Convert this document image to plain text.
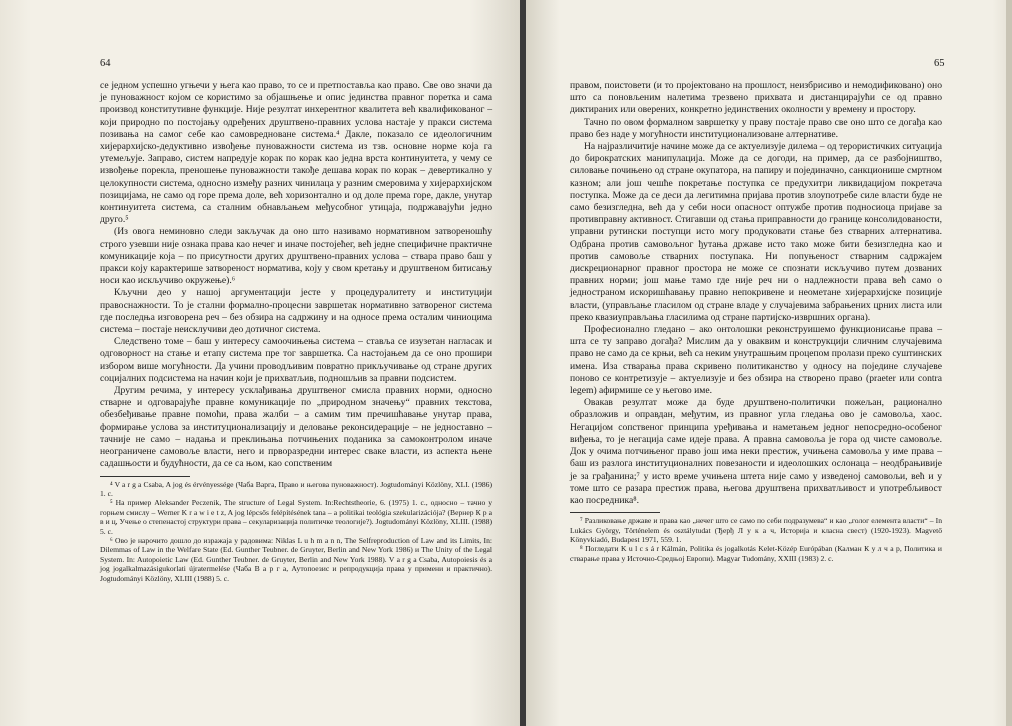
64	65

се једном успешно угњечи у њега као право, то се и претпоставља као право. Све ово значи да је пуноважност којом се користимо за објашњење и опис јединства правног поретка и сама производ конститутивне функције. Није резултат инхерентног квалитета већ квалификованог – који природно по постојању одређених друштвено-правних услова настаје у пракси система позивања на самог себе као самовредноване система.⁴ Дакле, показало се идеологичним хијерархијско-дедуктивно извођење пуноважности система из тзв. основне норме која га утемељује. Заправо, систем напредује корак по корак као једна врста континуитета, у чему се извођење порекла, преношење пуноважности такође дешава корак по корак – девертикално у целокупности система, односно између разних чинилаца у разним смеровима у хијерархијском позицијама, не само од горе према доле, већ хоризонтално и од доле према горе, дакле, унутар континуитета система, са сталним обнављањем међусобног утицаја, подржавајући једно друго.⁵

(Из овога неминовно следи закључак да оно што називамо нормативном затвореношћу строго узевши није ознака права као нечег и иначе постојећег, већ једне специфичне практичне комуникације која – по присутности других друштвено-правних услова – ствара право баш у пракси кoју карактерише затвореност норматива, кoју у свом кретању и друштвеном битисању носи као искључиво окружење).⁶

Кључни део у нашој аргументацији јесте у процедуралитету и институцији правоснажности. То је стални формално-процесни завршетак нормативно затвореног система где последња изговорена реч – без обзира на садржину и на односе према осталим чиниоцима система – постаје неисклучиви део дотичног система.

Следствено томе – баш у интересу самоочињења система – ставља се изузетан нагласак и одговорност на стање и етапу система пре тог завршетка. Са настојањем да се оно прошири избором више могућности. Да учини проводљивим повратно прикључивање од стране других социјалних подсистема на начин који је прихватљив, подношљив за правни подсистем.

Другим речима, у интересу усклађивања друштвеног смисла правних норми, односно стварне и одговарајуће правне комуникације по „природном значењу“ правних текстова, обезбеђивање правне помоћи, права жалби – а самим тим пречишћавање унутар права, формирање услова за институционализацију и деловање реконсидерације – не једноставно – тачније не само – надања и преклињања потчињених поданика за самоконтролом иначе неограничене самовоље власти, него и прворазредни интерес свакe власти, из аспекта њене садашњости и будућности, да се са њом, као сопственим

⁴ V a r g a Csaba, A jog és érvényessége (Чаба Варга, Право и његова пуноважност). Jogtudományi Közlöny, XLI. (1986) 1. с.

⁵ На пример Aleksander Peczenik, The structure of Legal System. In:Rechtstheorie, 6. (1975) 1. с., односно – тачно у горњем смислу – Werner K r a w i e t z, A jog lépcsős felépítésének tana – a politikai teológia szekularizációja? (Вернер К р а в и ц, Учење о степенастој структури права – секуларизација политичке теологије?). Jogtudományi Közlöny, XLIII. (1988) 5. с.

⁶ Ово је нарочито дошло до изражаја у радовима: Niklas L u h m a n n, The Selfreproduction of Law and its Limits, In: Dilemmas of Law in the Welfare State (Ed. Gunther Teubner. de Gruyter, Berlin and New York 1986) и The Unity of the Legal System. In: Autopoietic Law (Ed. Gunther Teubner. de Gruyter, Berlin and New York 1988). V a r g a Csaba, Autopoiesis és a jog jogalkalmazásigukorlati újratermelése (Чаба В а р г а, Аутопоезис и репродукција права у примени и практично). Jogtudományi Közlöny, XLIII (1988) 5. с.

правом, поистовети (и то пројектовано на прошлост, неизбрисиво и немодификовано) оно што са поновљеним налетима трезвено прихвата и дистанцирајући се од правно диктираних или оверених, конкретно јединствених околности у времену и простору.

Тачно по овом формалном завршетку у праву постаје право све оно што се догађа као право без наде у могућности институционализоване алтернативе.

На најразличитије начине може да се актуелизује дилема – од терористичких ситуација до бирократских манипулација. Може да се догоди, на пример, да се разбојништво, силовање почињено од стране окупатора, на папиру и појединачно, санкционише смртном казном; али још чешће покретање поступка се предухитри ликвидацијом покретача поступка. Може да се деси да легитимна пријава против злоупотребе силе власти буде не само безизгледна, већ да у себи носи опасност оптужбе против подносиоца пријаве за противправну активност. Стигавши од стања приправности до границе консолидованости, управни рутински поступци исто могу продуковати стање без стварних алтернатива. Одбрана против самовољног ђутања државе исто тако може бити безизгледна као и против самовоље стварних поступака. Ни попуњеност стварним садржајем дискреционарног правног простора не може се спознати искључиво путем дозваних правних норми; још мање тамо где није реч ни о надлежности права већ само о једностраном искоришћавању правно непокривене и неометане хијерархијске позиције власти, (управљање гласилом од стране владе у случајевима забрањених црних листа или преко квазиуправљања гласилима од стране партијско-извршних органа).

Професионално гледано – ако онтолошки реконструишемо функционисање права – шта се ту заправо догађа? Мислим да у оваквим и конструкцији сличним случајевима право не само да се крњи, већ са неким унутрашњим процепом пролази преко суштинских имена. Иза стварања права скривено политиканство у односу на поједине случајеве поново се контретизује – актуелизује и без обзира на створено право (praeter или contra legem) афирмише се у његово име.

Овакав резултат може да буде друштвено-политички пожељан, рационално образложив и оправдан, међутим, из правног угла гледања ово је самовоља, хаос. Негацијом сопственог принципа уређивања и наметањем једног непосредно-особеног виђења, то је негација саме идеје права. А правна самовоља је гора од чисте самовоље. Док у очима потчињеног право још има неки престиж, учињена самовоља у име права – баш из разлога институционалних повезаности и идеолошких ослонаца – неодбрањивије је за грађанина;⁷ у исто време учињена штета није само у изведеној самовољи, већ и у томе што се разара престиж права, његова друштвена прихватљивост и употребљивост као посредника⁸.

⁷ Разликовање државе и права као „нечег што се само по себи подразумева“ и као „голог елемента власти“ – In Lukács György, Történelem és osztálytudat (Ђерђ Л у к а ч, Историја и класна свест) (1920-1923). Magvető Könyvkiadó, Budapest 1971, 559. 1.

⁸ Погледати K u l c s á r Kálmán, Politika és jogalkotás Kelet-Közép Európában (Калман К у л ч а р, Политика и стварање права у Источно-Средњој Европи). Magyar Tudomány, XXIII (1983) 2. с.
